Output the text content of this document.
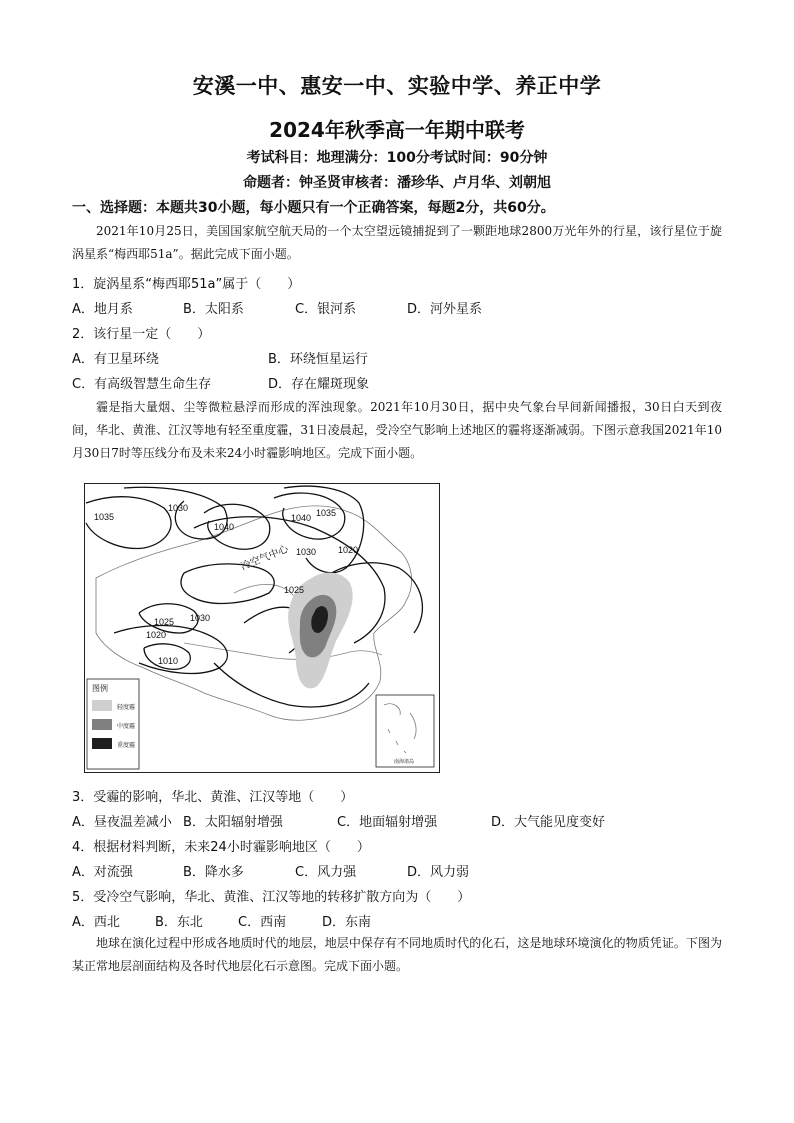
安溪一中、惠安一中、实验中学、养正中学
2024年秋季高一年期中联考
考试科目：地理满分：100分考试时间：90分钟
命题者：钟圣贤审核者：潘珍华、卢月华、刘朝旭
一、选择题：本题共30小题，每小题只有一个正确答案，每题2分，共60分。
2021年10月25日，美国国家航空航天局的一个太空望远镜捕捉到了一颗距地球2800万光年外的行星，该行星位于旋涡星系“梅西耶51a”。据此完成下面小题。
1．旋涡星系“梅西耶51a”属于（　　）
A．地月系	B．太阳系	C．银河系	D．河外星系
2．该行星一定（　　）
A．有卫星环绕	B．环绕恒星运行
C．有高级智慧生命生存	D．存在耀斑现象
霾是指大量烟、尘等微粒悬浮而形成的浑浊现象。2021年10月30日，据中央气象台早间新闻播报，30日白天到夜间，华北、黄淮、江汉等地有轻至重度霾，31日凌晨起，受冷空气影响上述地区的霾将逐渐减弱。下图示意我国2021年10月30日7时等压线分布及未来24小时霾影响地区。完成下面小题。
1035
1030
1040
1040 1035
1030 1020
1025
1025 1030
1020
1010
冷空气中心
图例
轻度霾
中度霾
重度霾
南海诸岛
3．受霾的影响，华北、黄淮、江汉等地（　　）
A．昼夜温差减小 B．太阳辐射增强	C．地面辐射增强	D．大气能见度变好
4．根据材料判断，未来24小时霾影响地区（　　）
A．对流强	B．降水多	C．风力强	D．风力弱
5．受冷空气影响，华北、黄淮、江汉等地的转移扩散方向为（　　）
A．西北	B．东北	C．西南	D．东南
地球在演化过程中形成各地质时代的地层，地层中保存有不同地质时代的化石，这是地球环境演化的物质凭证。下图为某正常地层剖面结构及各时代地层化石示意图。完成下面小题。
